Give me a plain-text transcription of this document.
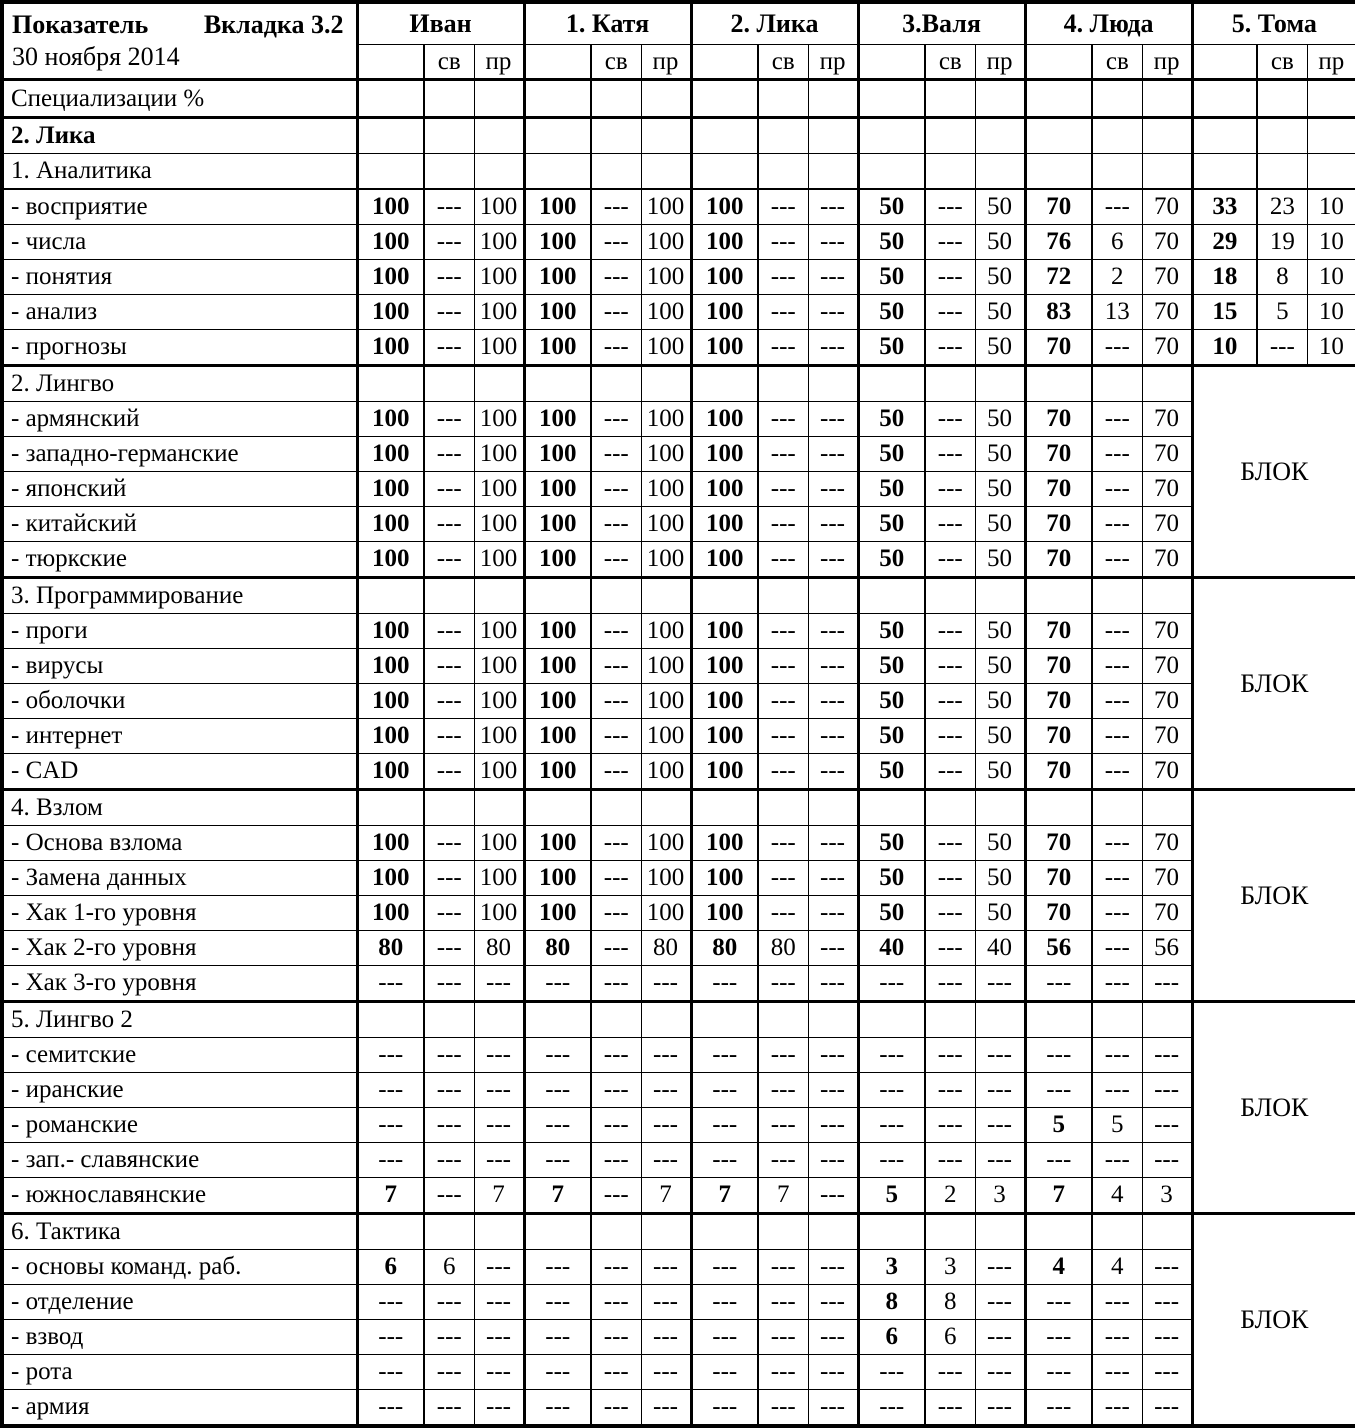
Показатель Вкладка 3.2
30 ноября 2014	Иван			1. Катя			2. Лика			3.Валя			4. Люда			5. Тома		
		св	пр		св	пр		св	пр		св	пр		св	пр		св	пр
Специализации %																		
2. Лика																		
1. Аналитика																		
- восприятие	100	---	100	100	---	100	100	---	---	50	---	50	70	---	70	33	23	10
- числа	100	---	100	100	---	100	100	---	---	50	---	50	76	6	70	29	19	10
- понятия	100	---	100	100	---	100	100	---	---	50	---	50	72	2	70	18	8	10
- анализ	100	---	100	100	---	100	100	---	---	50	---	50	83	13	70	15	5	10
- прогнозы	100	---	100	100	---	100	100	---	---	50	---	50	70	---	70	10	---	10
2. Лингво																БЛОК		
- армянский	100	---	100	100	---	100	100	---	---	50	---	50	70	---	70			
- западно-германские	100	---	100	100	---	100	100	---	---	50	---	50	70	---	70			
- японский	100	---	100	100	---	100	100	---	---	50	---	50	70	---	70			
- китайский	100	---	100	100	---	100	100	---	---	50	---	50	70	---	70			
- тюркские	100	---	100	100	---	100	100	---	---	50	---	50	70	---	70			
3. Программирование																БЛОК		
- проги	100	---	100	100	---	100	100	---	---	50	---	50	70	---	70			
- вирусы	100	---	100	100	---	100	100	---	---	50	---	50	70	---	70			
- оболочки	100	---	100	100	---	100	100	---	---	50	---	50	70	---	70			
- интернет	100	---	100	100	---	100	100	---	---	50	---	50	70	---	70			
- CAD	100	---	100	100	---	100	100	---	---	50	---	50	70	---	70			
4. Взлом																БЛОК		
- Основа взлома	100	---	100	100	---	100	100	---	---	50	---	50	70	---	70			
- Замена данных	100	---	100	100	---	100	100	---	---	50	---	50	70	---	70			
- Хак 1-го уровня	100	---	100	100	---	100	100	---	---	50	---	50	70	---	70			
- Хак 2-го уровня	80	---	80	80	---	80	80	80	---	40	---	40	56	---	56			
- Хак 3-го уровня	---	---	---	---	---	---	---	---	---	---	---	---	---	---	---			
5. Лингво 2																БЛОК		
- семитские	---	---	---	---	---	---	---	---	---	---	---	---	---	---	---			
- иранские	---	---	---	---	---	---	---	---	---	---	---	---	---	---	---			
- романские	---	---	---	---	---	---	---	---	---	---	---	---	5	5	---			
- зап.- славянские	---	---	---	---	---	---	---	---	---	---	---	---	---	---	---			
- южнославянские	7	---	7	7	---	7	7	7	---	5	2	3	7	4	3			
6. Тактика																БЛОК		
- основы команд. раб.	6	6	---	---	---	---	---	---	---	3	3	---	4	4	---			
- отделение	---	---	---	---	---	---	---	---	---	8	8	---	---	---	---			
- взвод	---	---	---	---	---	---	---	---	---	6	6	---	---	---	---			
- рота	---	---	---	---	---	---	---	---	---	---	---	---	---	---	---			
- армия	---	---	---	---	---	---	---	---	---	---	---	---	---	---	---			
